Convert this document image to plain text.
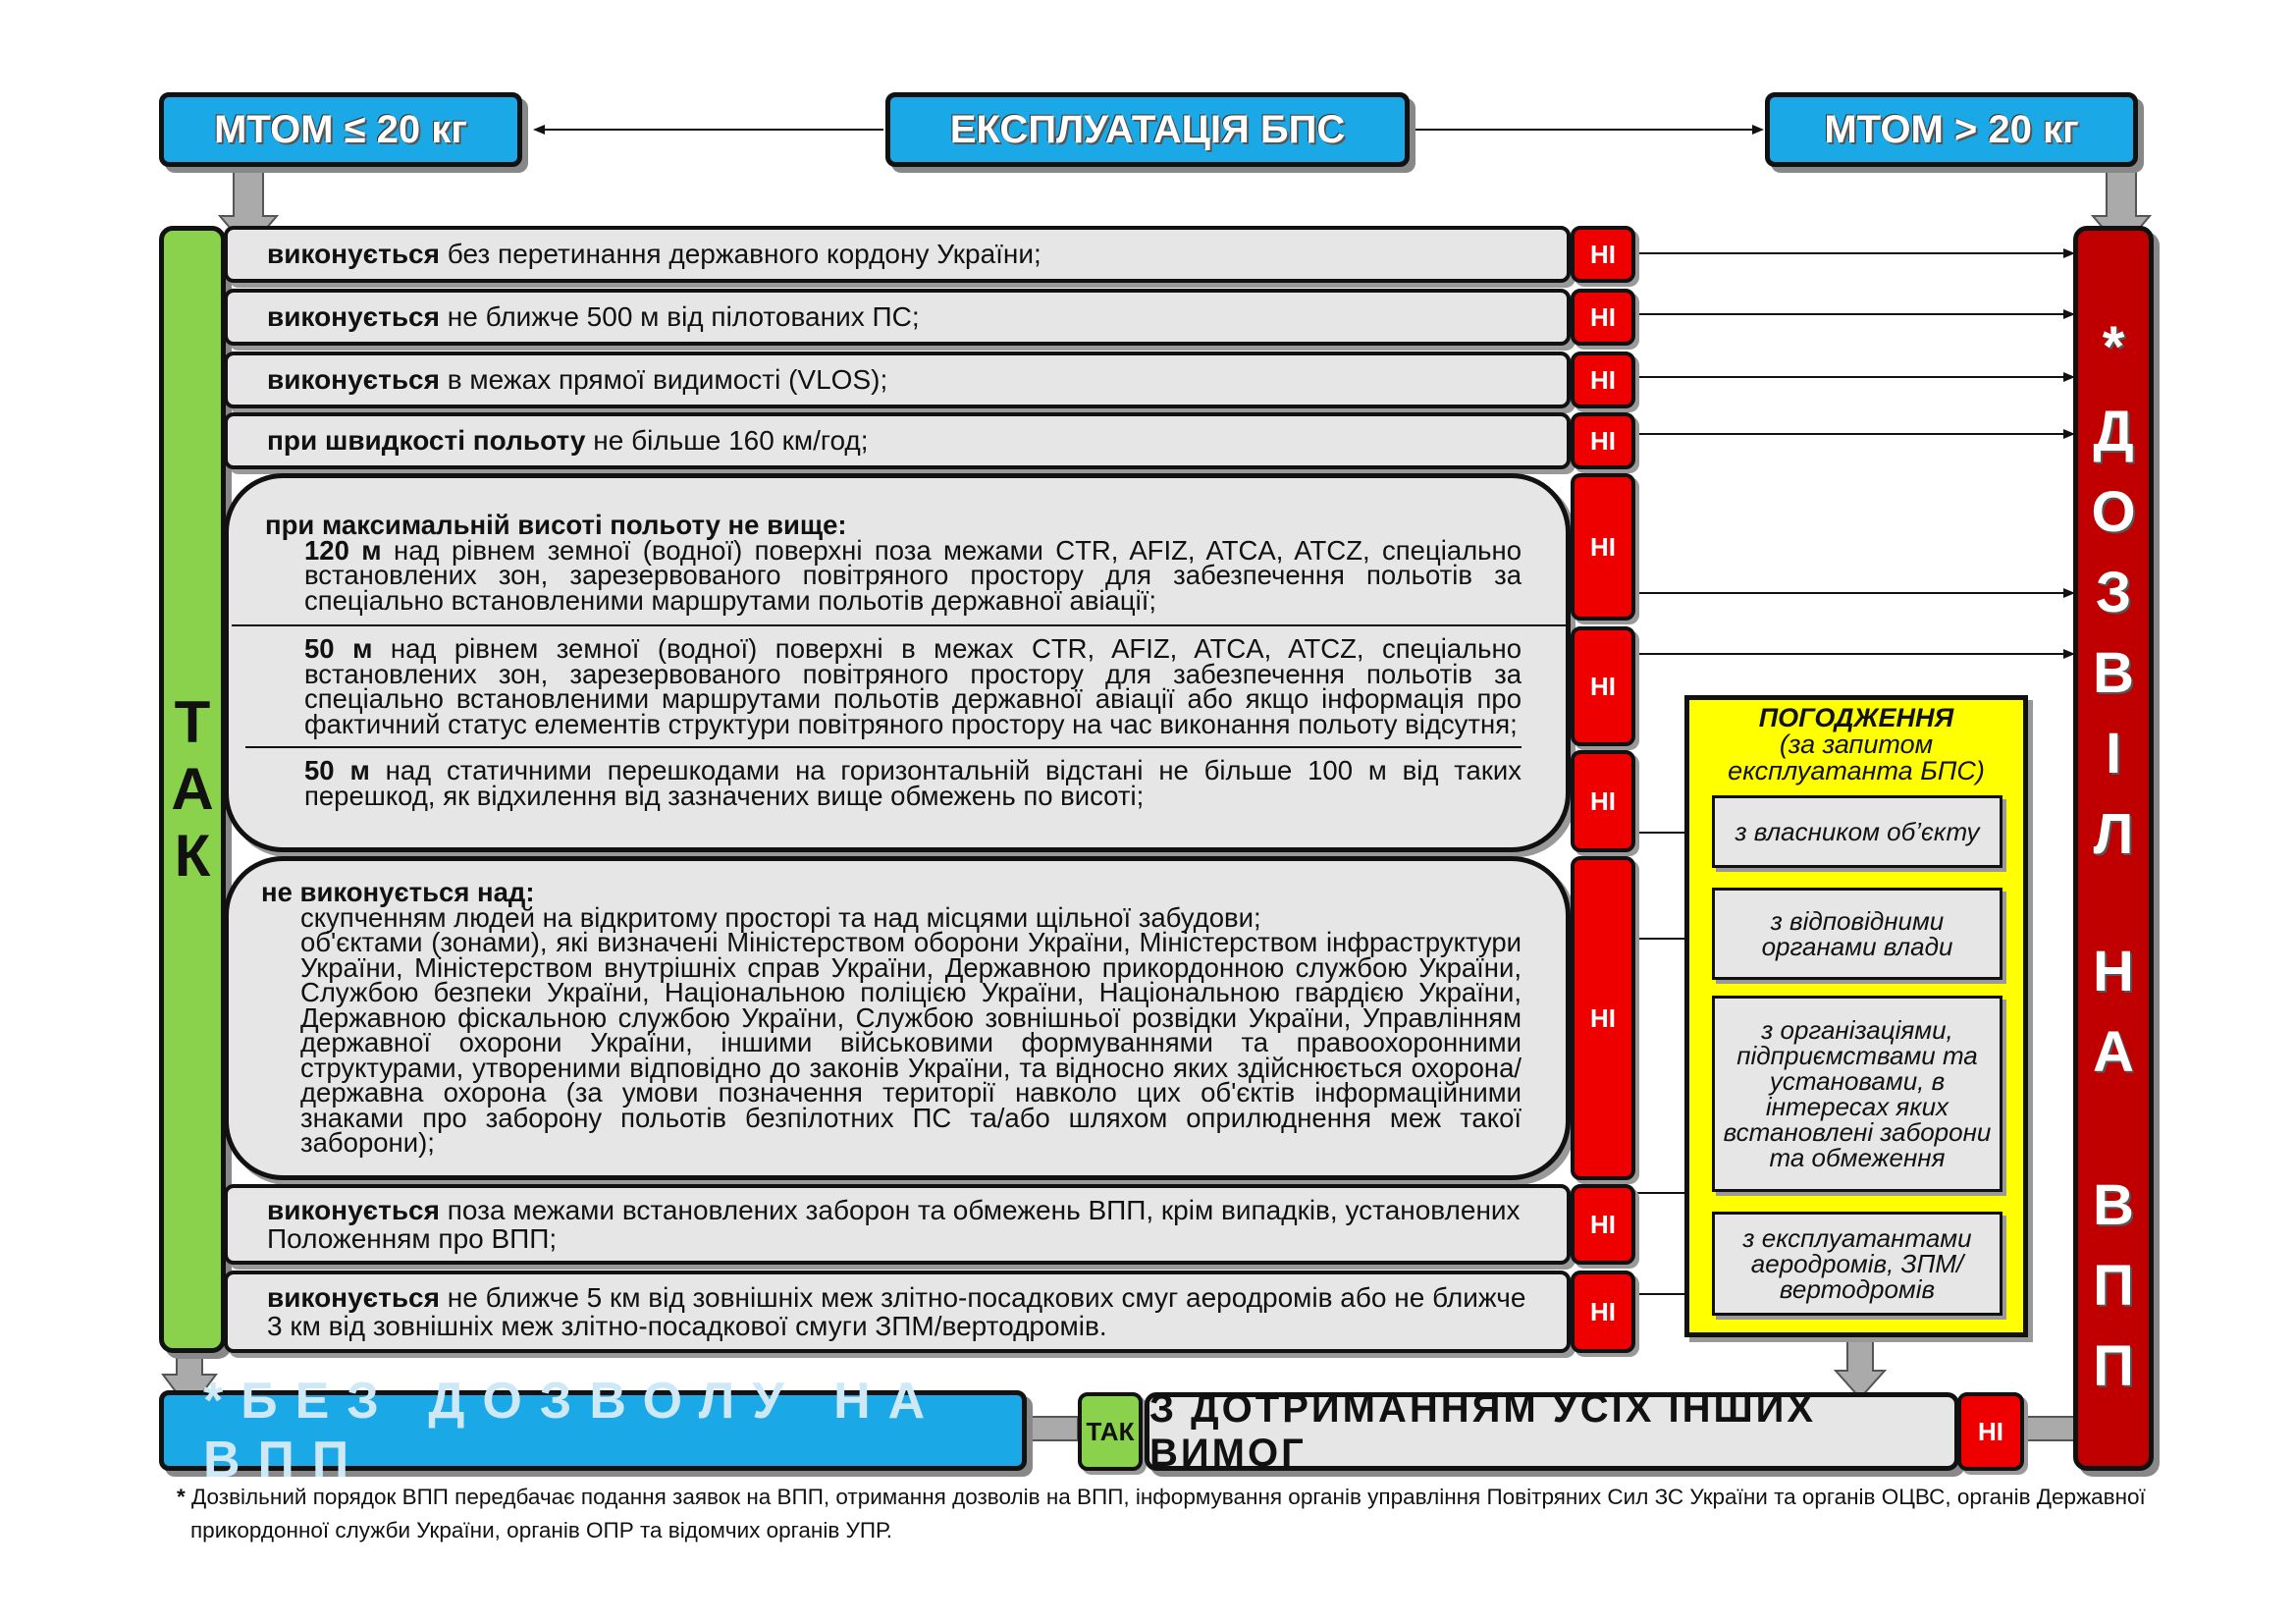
MTOM ≤ 20 кг	ЕКСПЛУАТАЦІЯ БПС	MTOM > 20 кг
Т
А
К
виконується без перетинання державного кордону України;
виконується не ближче 500 м від пілотованих ПС;
виконується в межах прямої видимості (VLOS);
при швидкості польоту не більше 160 км/год;
при максимальній висоті польоту не вище:
120 м над рівнем земної (водної) поверхні поза межами CTR, AFIZ, ATCA, ATCZ, спеціально встановлених зон, зарезервованого повітряного простору для забезпечення польотів за спеціально встановленими маршрутами польотів державної авіації;
50 м над рівнем земної (водної) поверхні в межах CTR, AFIZ, ATCA, ATCZ, спеціально встановлених зон, зарезервованого повітряного простору для забезпечення польотів за спеціально встановленими маршрутами польотів державної авіації або якщо інформація про фактичний статус елементів структури повітряного простору на час виконання польоту відсутня;
50 м над статичними перешкодами на горизонтальній відстані не більше 100 м від таких перешкод, як відхилення від зазначених вище обмежень по висоті;
не виконується над:
скупченням людей на відкритому просторі та над місцями щільної забудови;
об'єктами (зонами), які визначені Міністерством оборони України, Міністерством інфраструктури України, Міністерством внутрішніх справ України, Державною прикордонною службою України, Службою безпеки України, Національною поліцією України, Національною гвардією України, Державною фіскальною службою України, Службою зовнішньої розвідки України, Управлінням державної охорони України, іншими військовими формуваннями та правоохоронними структурами, утвореними відповідно до законів України, та відносно яких здійснюється охорона/державна охорона (за умови позначення території навколо цих об'єктів інформаційними знаками про заборону польотів безпілотних ПС та/або шляхом оприлюднення меж такої заборони);
виконується поза межами встановлених заборон та обмежень ВПП, крім випадків, установлених Положенням про ВПП;
виконується не ближче 5 км від зовнішніх меж злітно-посадкових смуг аеродромів або не ближче 3 км від зовнішніх меж злітно-посадкової смуги ЗПМ/вертодромів.
НІ
НІ
НІ
НІ
НІ
НІ
НІ
НІ
НІ
НІ
ПОГОДЖЕННЯ
(за запитом експлуатанта БПС)
з власником об’єкту
з відповідними органами влади
з організаціями, підприємствами та установами, в інтересах яких встановлені заборони та обмеження
з експлуатантами аеродромів, ЗПМ/вертодромів
*
Д
О
З
В
І
Л
Н
А
В
П
П
*БЕЗ ДОЗВОЛУ НА ВПП
ТАК
З ДОТРИМАННЯМ УСІХ ІНШИХ ВИМОГ
НІ
* Дозвільний порядок ВПП передбачає подання заявок на ВПП, отримання дозволів на ВПП, інформування органів управління Повітряних Сил ЗС України та органів ОЦВС, органів Державної
прикордонної служби України, органів ОПР та відомчих органів УПР.
